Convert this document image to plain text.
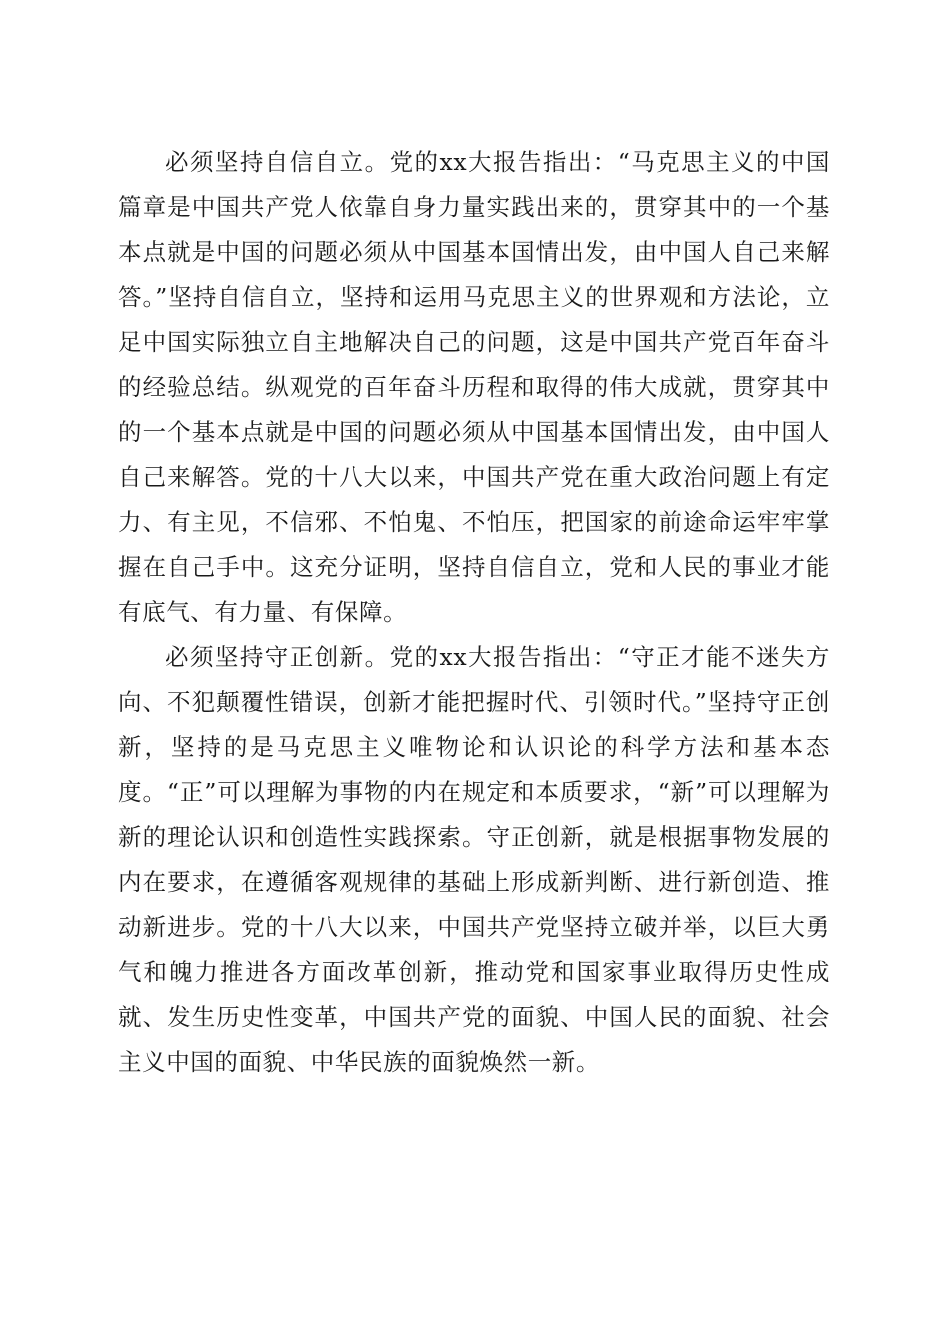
必须坚持自信自立。党的xx大报告指出：“马克思主义的中国篇章是中国共产党人依靠自身力量实践出来的，贯穿其中的一个基本点就是中国的问题必须从中国基本国情出发，由中国人自己来解答。”坚持自信自立，坚持和运用马克思主义的世界观和方法论，立足中国实际独立自主地解决自己的问题，这是中国共产党百年奋斗的经验总结。纵观党的百年奋斗历程和取得的伟大成就，贯穿其中的一个基本点就是中国的问题必须从中国基本国情出发，由中国人自己来解答。党的十八大以来，中国共产党在重大政治问题上有定力、有主见，不信邪、不怕鬼、不怕压，把国家的前途命运牢牢掌握在自己手中。这充分证明，坚持自信自立，党和人民的事业才能有底气、有力量、有保障。

必须坚持守正创新。党的xx大报告指出：“守正才能不迷失方向、不犯颠覆性错误，创新才能把握时代、引领时代。”坚持守正创新，坚持的是马克思主义唯物论和认识论的科学方法和基本态度。“正”可以理解为事物的内在规定和本质要求，“新”可以理解为新的理论认识和创造性实践探索。守正创新，就是根据事物发展的内在要求，在遵循客观规律的基础上形成新判断、进行新创造、推动新进步。党的十八大以来，中国共产党坚持立破并举，以巨大勇气和魄力推进各方面改革创新，推动党和国家事业取得历史性成就、发生历史性变革，中国共产党的面貌、中国人民的面貌、社会主义中国的面貌、中华民族的面貌焕然一新。
